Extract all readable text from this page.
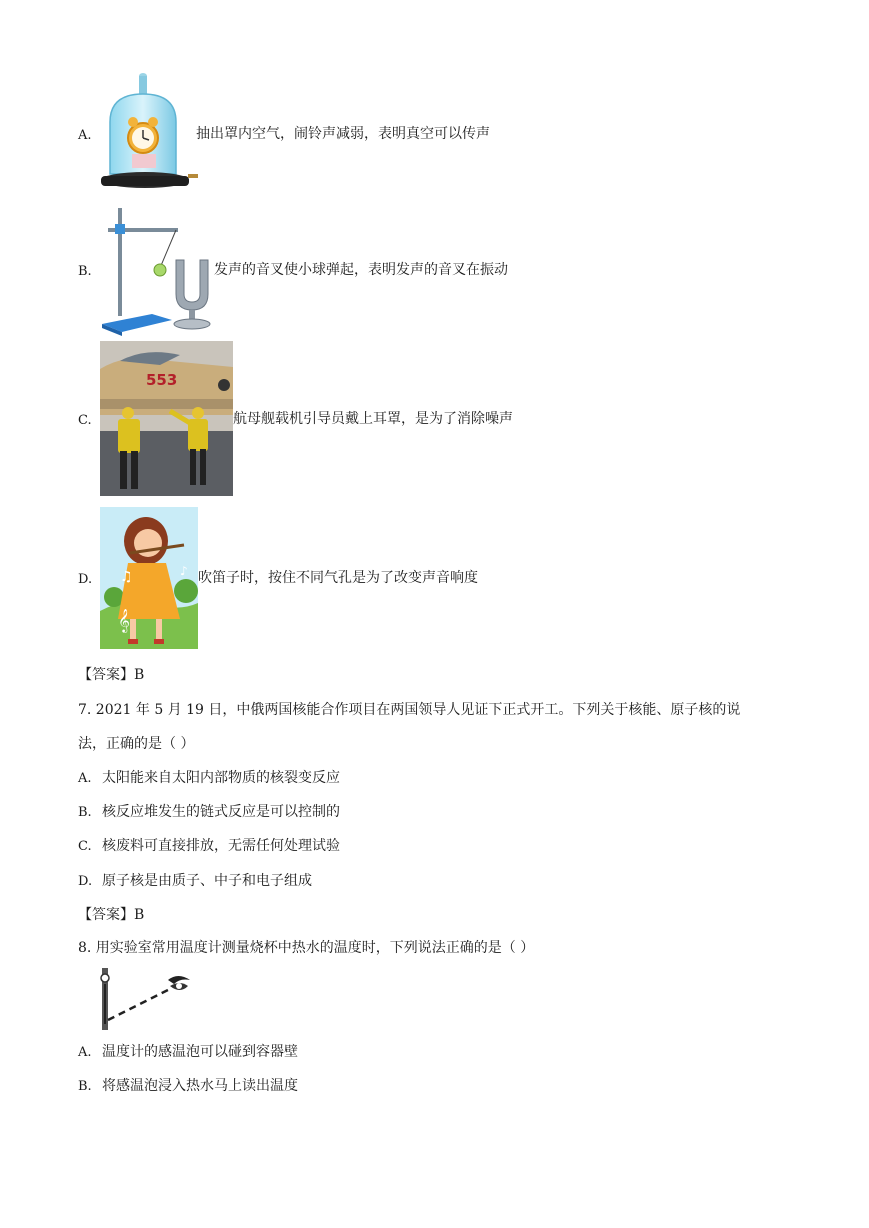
A.	抽出罩内空气，闹铃声减弱，表明真空可以传声
B.	发声的音叉使小球弹起，表明发声的音叉在振动
C.
553
航母舰载机引导员戴上耳罩，是为了消除噪声
D. ♫	♪
𝄞
吹笛子时，按住不同气孔是为了改变声音响度
【答案】B
7. 2021 年 5 月 19 日，中俄两国核能合作项目在两国领导人见证下正式开工。下列关于核能、原子核的说
法，正确的是（ ）
A. 太阳能来自太阳内部物质的核裂变反应
B. 核反应堆发生的链式反应是可以控制的
C. 核废料可直接排放，无需任何处理试验
D. 原子核是由质子、中子和电子组成
【答案】B
8. 用实验室常用温度计测量烧杯中热水的温度时，下列说法正确的是（ ）
A. 温度计的感温泡可以碰到容器壁
B. 将感温泡浸入热水马上读出温度
